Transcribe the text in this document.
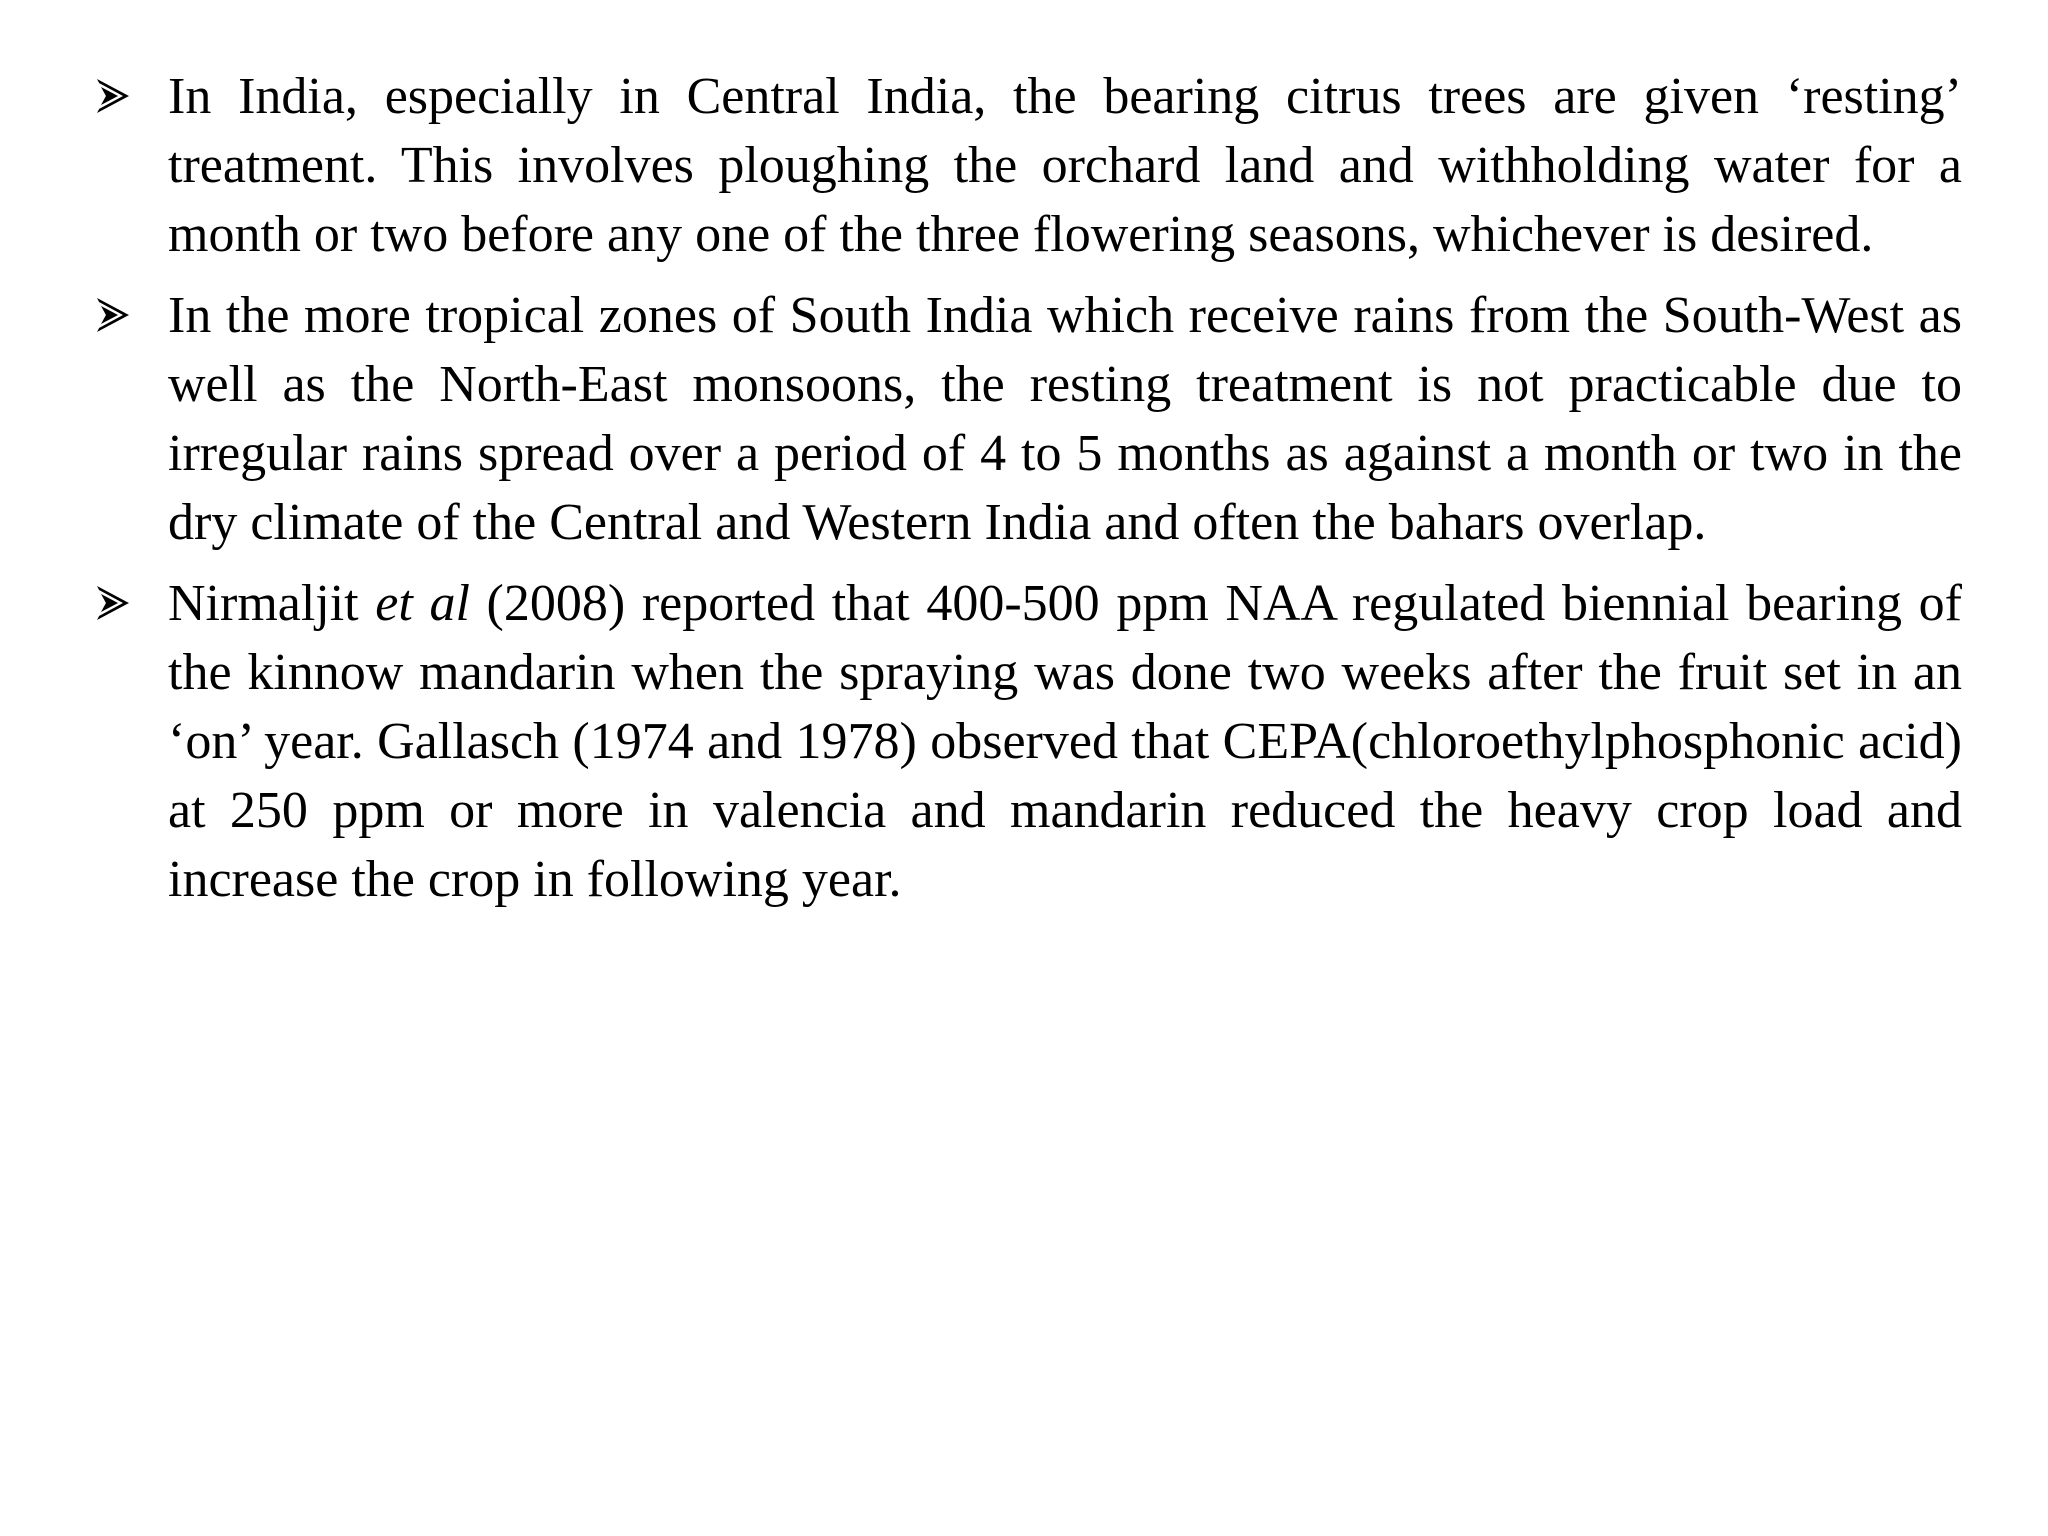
In India, especially in Central India, the bearing citrus trees are given ‘resting’ treatment. This involves ploughing the orchard land and withholding water for a month or two before any one of the three flowering seasons, whichever is desired.
In the more tropical zones of South India which receive rains from the South-West as well as the North-East monsoons, the resting treatment is not practicable due to irregular rains spread over a period of 4 to 5 months as against a month or two in the dry climate of the Central and Western India and often the bahars overlap.
Nirmaljit et al (2008) reported that 400-500 ppm NAA regulated biennial bearing of the kinnow mandarin when the spraying was done two weeks after the fruit set in an ‘on’ year. Gallasch (1974 and 1978) observed that CEPA(chloroethylphosphonic acid) at 250 ppm or more in valencia and mandarin reduced the heavy crop load and increase the crop in following year.
